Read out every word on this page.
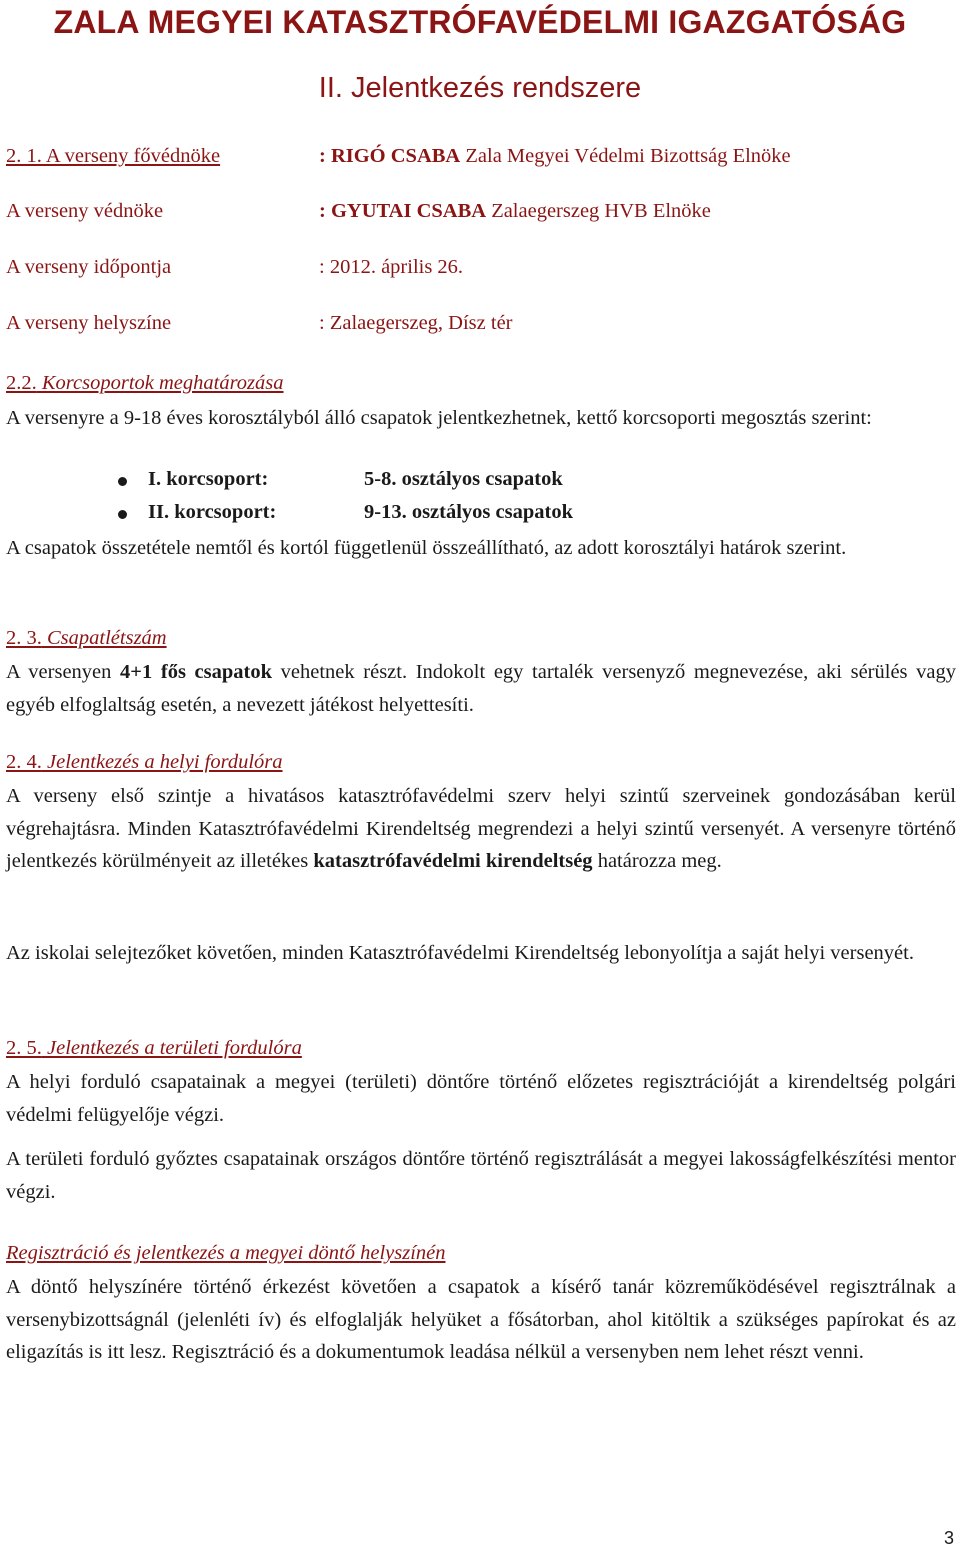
ZALA MEGYEI KATASZTRÓFAVÉDELMI IGAZGATÓSÁG
II. Jelentkezés rendszere
2. 1. A verseny fővédnöke	: RIGÓ CSABA Zala Megyei Védelmi Bizottság Elnöke
A verseny védnöke	: GYUTAI CSABA Zalaegerszeg HVB Elnöke
A verseny időpontja	: 2012. április 26.
A verseny helyszíne	: Zalaegerszeg, Dísz tér
2.2. Korcsoportok meghatározása
A versenyre a 9-18 éves korosztályból álló csapatok jelentkezhetnek, kettő korcsoporti megosztás szerint:
I. korcsoport:	5-8. osztályos csapatok
II. korcsoport:	9-13. osztályos csapatok
A csapatok összetétele nemtől és kortól függetlenül összeállítható, az adott korosztályi határok szerint.
2. 3. Csapatlétszám
A versenyen 4+1 fős csapatok vehetnek részt. Indokolt egy tartalék versenyző megnevezése, aki sérülés vagy egyéb elfoglaltság esetén, a nevezett játékost helyettesíti.
2. 4. Jelentkezés a helyi fordulóra
A verseny első szintje a hivatásos katasztrófavédelmi szerv helyi szintű szerveinek gondozásában kerül végrehajtásra. Minden Katasztrófavédelmi Kirendeltség megrendezi a helyi szintű versenyét. A versenyre történő jelentkezés körülményeit az illetékes katasztrófavédelmi kirendeltség határozza meg.
Az iskolai selejtezőket követően, minden Katasztrófavédelmi Kirendeltség lebonyolítja a saját helyi versenyét.
2. 5. Jelentkezés a területi fordulóra
A helyi forduló csapatainak a megyei (területi) döntőre történő előzetes regisztrációját a kirendeltség polgári védelmi felügyelője végzi.
A területi forduló győztes csapatainak országos döntőre történő regisztrálását a megyei lakosságfelkészítési mentor végzi.
Regisztráció és jelentkezés a megyei döntő helyszínén
A döntő helyszínére történő érkezést követően a csapatok a kísérő tanár közreműködésével regisztrálnak a versenybizottságnál (jelenléti ív) és elfoglalják helyüket a fősátorban, ahol kitöltik a szükséges papírokat és az eligazítás is itt lesz. Regisztráció és a dokumentumok leadása nélkül a versenyben nem lehet részt venni.
3
